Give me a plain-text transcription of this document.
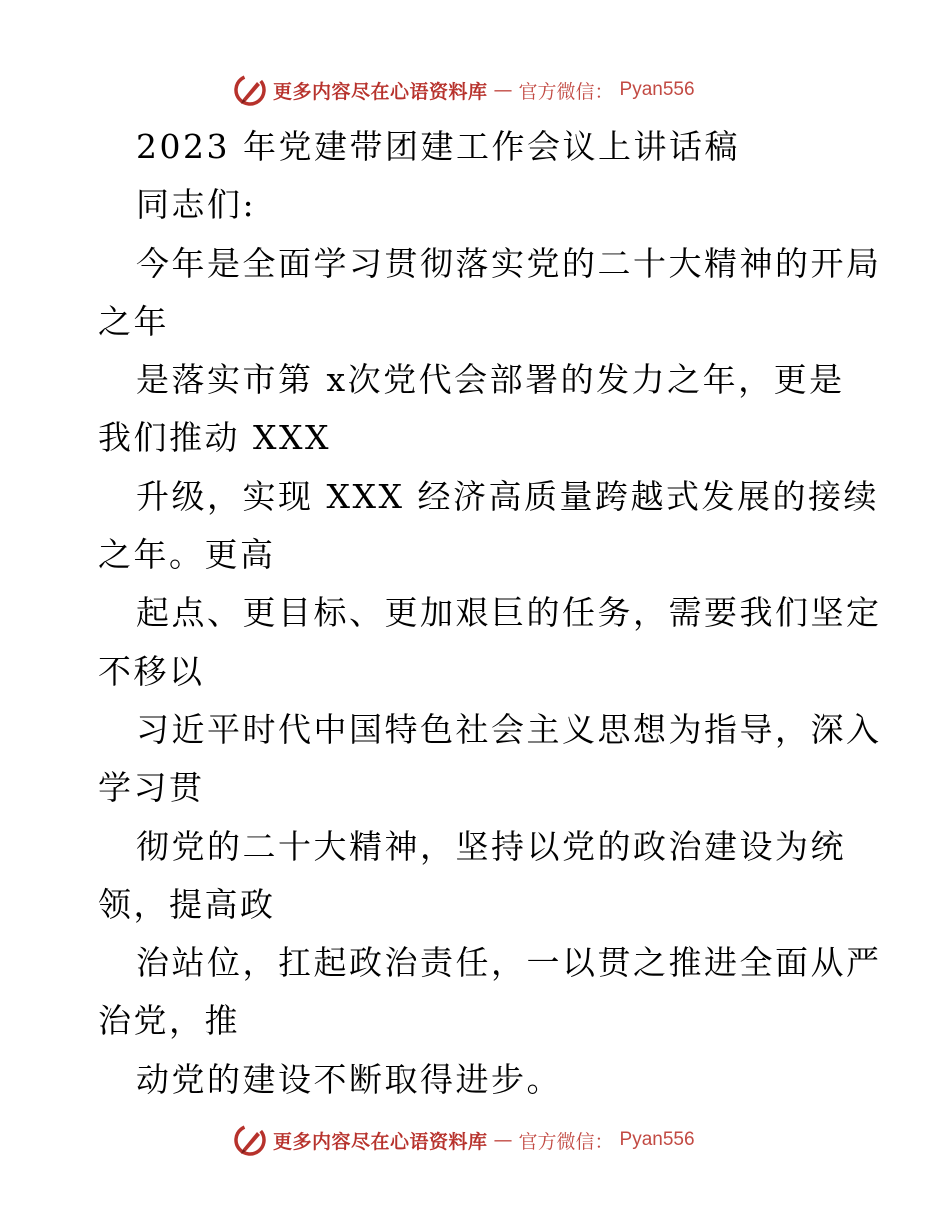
更多内容尽在心语资料库 — 官方微信： Pyan556
2023 年党建带团建工作会议上讲话稿
同志们:
今年是全面学习贯彻落实党的二十大精神的开局
之年
是落实市第 x次党代会部署的发力之年，更是
我们推动 XXX
升级，实现 XXX 经济高质量跨越式发展的接续
之年。更高
起点、更目标、更加艰巨的任务，需要我们坚定
不移以
习近平时代中国特色社会主义思想为指导，深入
学习贯
彻党的二十大精神，坚持以党的政治建设为统
领，提高政
治站位，扛起政治责任，一以贯之推进全面从严
治党，推
动党的建设不断取得进步。
更多内容尽在心语资料库 — 官方微信： Pyan556
